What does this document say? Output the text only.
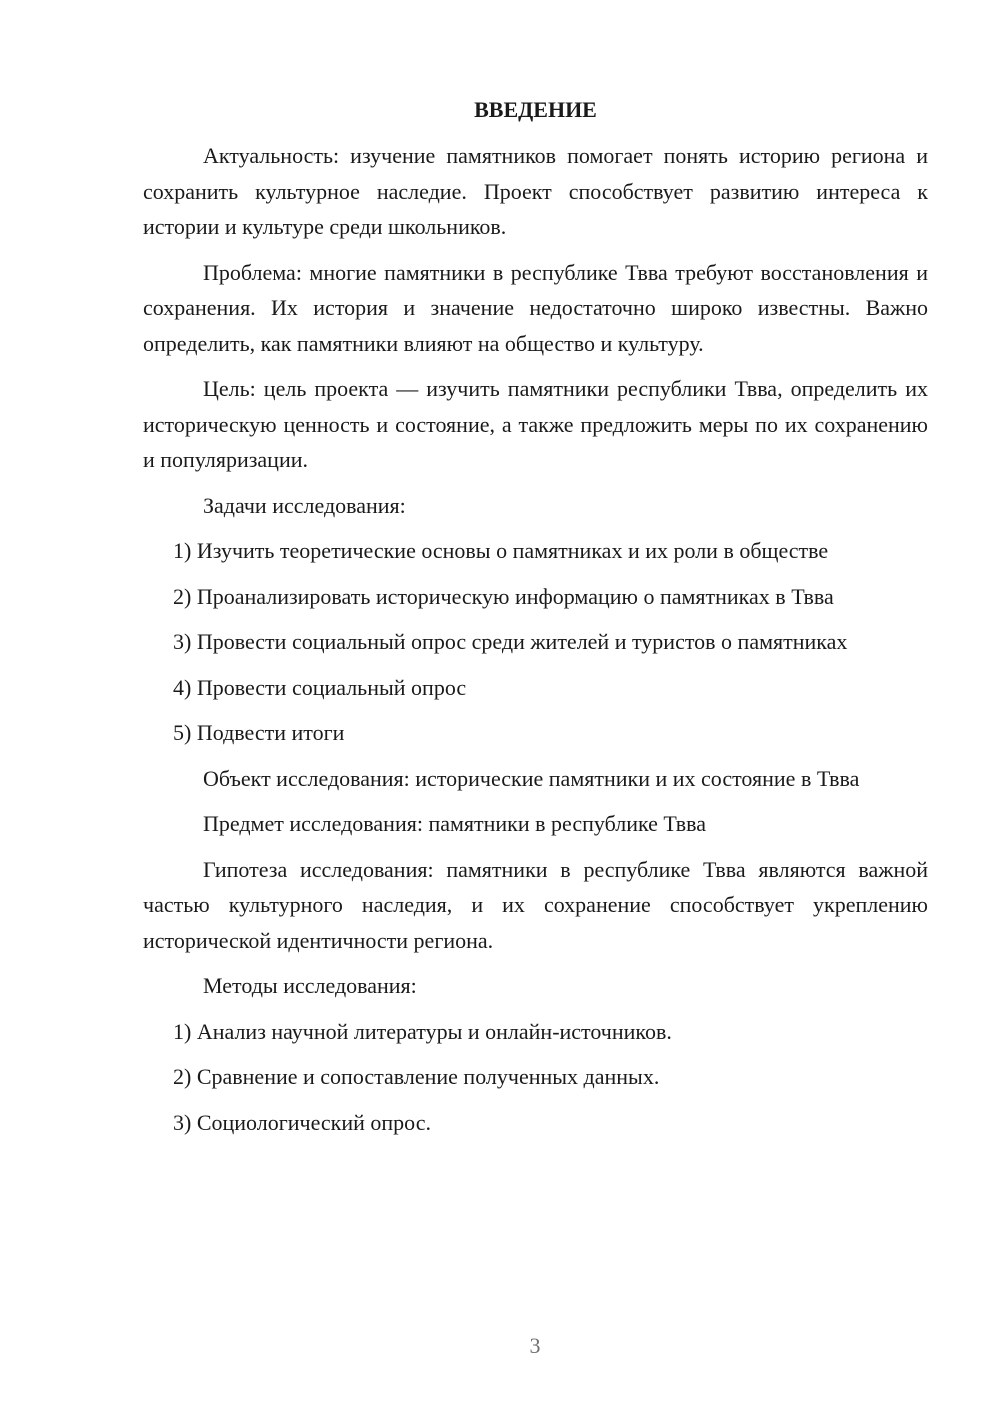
ВВЕДЕНИЕ

Актуальность: изучение памятников помогает понять историю региона и сохранить культурное наследие. Проект способствует развитию интереса к истории и культуре среди школьников.

Проблема: многие памятники в республике Твва требуют восстановления и сохранения. Их история и значение недостаточно широко известны. Важно определить, как памятники влияют на общество и культуру.

Цель: цель проекта — изучить памятники республики Твва, определить их историческую ценность и состояние, а также предложить меры по их сохранению и популяризации.

Задачи исследования:

1) Изучить теоретические основы о памятниках и их роли в обществе

2) Проанализировать историческую информацию о памятниках в Твва

3) Провести социальный опрос среди жителей и туристов о памятниках

4) Провести социальный опрос

5) Подвести итоги

Объект исследования: исторические памятники и их состояние в Твва

Предмет исследования: памятники в республике Твва

Гипотеза исследования: памятники в республике Твва являются важной частью культурного наследия, и их сохранение способствует укреплению исторической идентичности региона.

Методы исследования:

1) Анализ научной литературы и онлайн-источников.

2) Сравнение и сопоставление полученных данных.

3) Социологический опрос.

3
